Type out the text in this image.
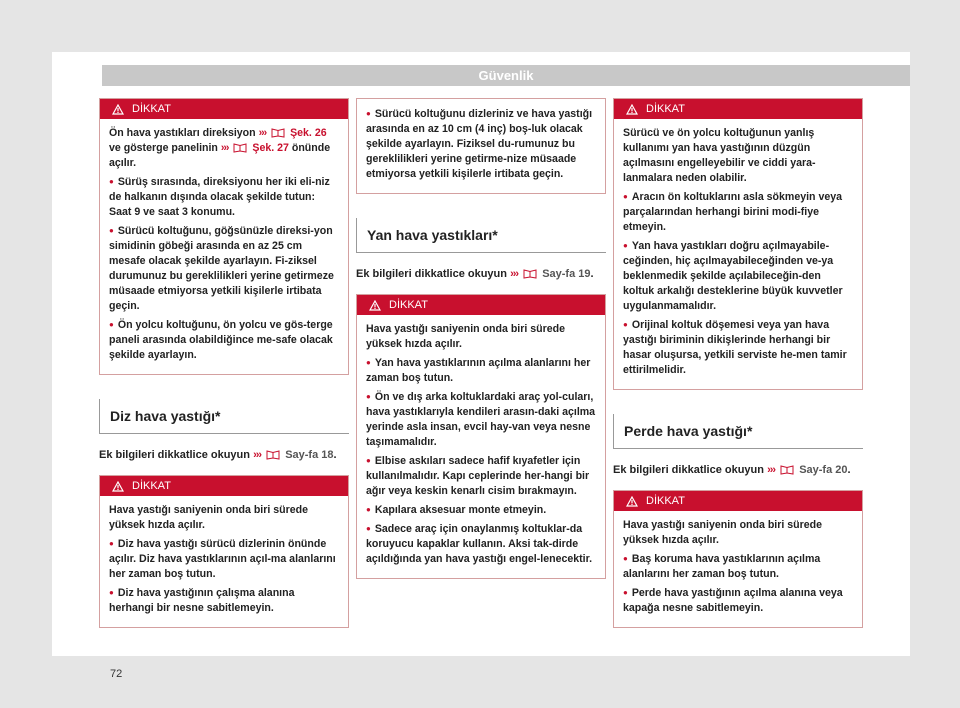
Güvenlik
DİKKAT

Ön hava yastıkları direksiyon ››› Şek. 26 ve gösterge panelinin ››› Şek. 27 önünde açılır.

● Sürüş sırasında, direksiyonu her iki eli-niz de halkanın dışında olacak şekilde tutun: Saat 9 ve saat 3 konumu.

● Sürücü koltuğunu, göğsünüzle direksi-yon simidinin göbeği arasında en az 25 cm mesafe olacak şekilde ayarlayın. Fi-ziksel durumunuz bu gereklilikleri yerine getirmeze müsaade etmiyorsa yetkili kişilerle irtibata geçin.

● Ön yolcu koltuğunu, ön yolcu ve gös-terge paneli arasında olabildiğince me-safe olacak şekilde ayarlayın.

Diz hava yastığı*
Ek bilgileri dikkatlice okuyun ››› Say-fa 18.
DİKKAT

Hava yastığı saniyenin onda biri sürede yüksek hızda açılır.

● Diz hava yastığı sürücü dizlerinin önünde açılır. Diz hava yastıklarının açıl-ma alanlarını her zaman boş tutun.

● Diz hava yastığının çalışma alanına herhangi bir nesne sabitlemeyin.

● Sürücü koltuğunu dizleriniz ve hava yastığı arasında en az 10 cm (4 inç) boş-luk olacak şekilde ayarlayın. Fiziksel du-rumunuz bu gereklilikleri yerine getirme-nize müsaade etmiyorsa yetkili kişilerle irtibata geçin.

Yan hava yastıkları*
Ek bilgileri dikkatlice okuyun ››› Say-fa 19.
DİKKAT

Hava yastığı saniyenin onda biri sürede yüksek hızda açılır.

● Yan hava yastıklarının açılma alanlarını her zaman boş tutun.

● Ön ve dış arka koltuklardaki araç yol-cuları, hava yastıklarıyla kendileri arasın-daki açılma yerinde asla insan, evcil hay-van veya nesne taşımamalıdır.

● Elbise askıları sadece hafif kıyafetler için kullanılmalıdır. Kapı ceplerinde her-hangi bir ağır veya keskin kenarlı cisim bırakmayın.

● Kapılara aksesuar monte etmeyin.

● Sadece araç için onaylanmış koltuklar-da koruyucu kapaklar kullanın. Aksi tak-dirde açıldığında yan hava yastığı engel-lenecektir.

DİKKAT

Sürücü ve ön yolcu koltuğunun yanlış kullanımı yan hava yastığının düzgün açılmasını engelleyebilir ve ciddi yara-lanmalara neden olabilir.

● Aracın ön koltuklarını asla sökmeyin veya parçalarından herhangi birini modi-fiye etmeyin.

● Yan hava yastıkları doğru açılmayabile-ceğinden, hiç açılmayabileceğinden ve-ya beklenmedik şekilde açılabileceğin-den koltuk arkalığı desteklerine büyük kuvvetler uygulanmamalıdır.

● Orijinal koltuk döşemesi veya yan hava yastığı biriminin dikişlerinde herhangi bir hasar oluşursa, yetkili serviste he-men tamir ettirilmelidir.

Perde hava yastığı*
Ek bilgileri dikkatlice okuyun ››› Say-fa 20.
DİKKAT

Hava yastığı saniyenin onda biri sürede yüksek hızda açılır.

● Baş koruma hava yastıklarının açılma alanlarını her zaman boş tutun.

● Perde hava yastığının açılma alanına veya kapağa nesne sabitlemeyin.

72
